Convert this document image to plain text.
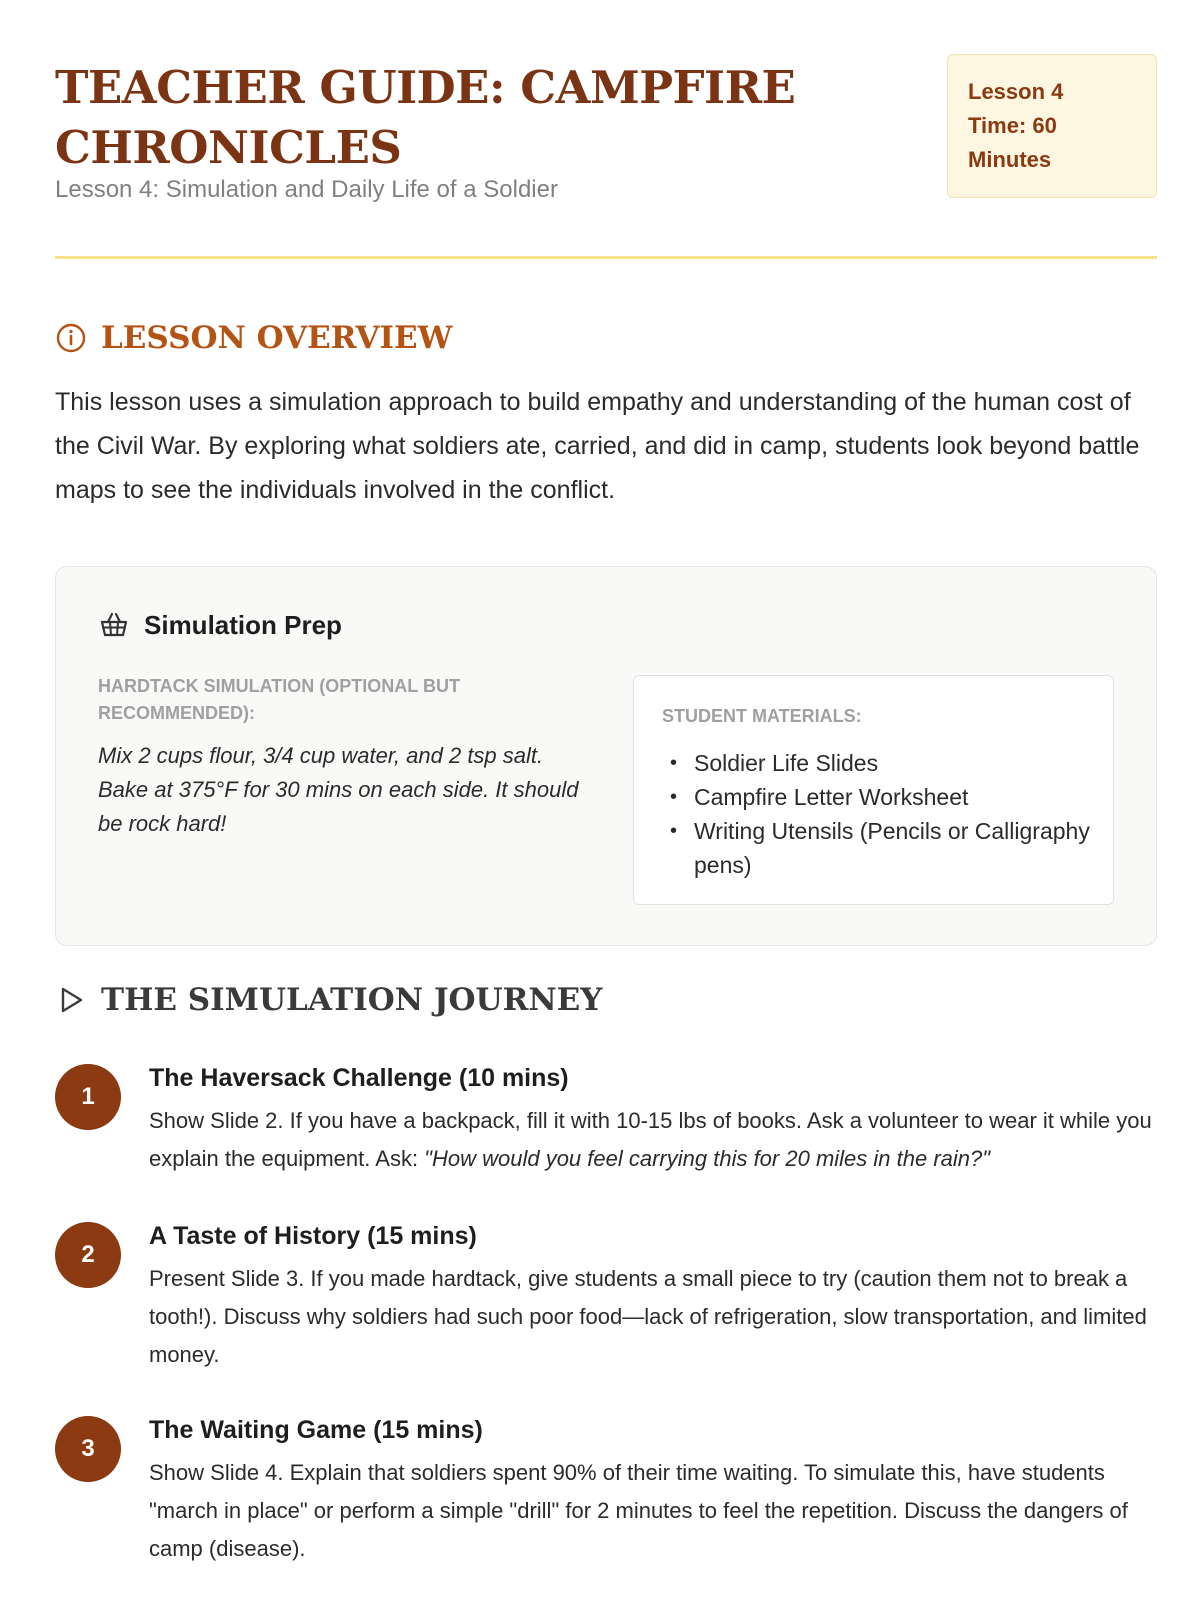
TEACHER GUIDE: CAMPFIRE CHRONICLES
Lesson 4: Simulation and Daily Life of a Soldier
Lesson 4
Time: 60
Minutes
LESSON OVERVIEW

This lesson uses a simulation approach to build empathy and understanding of the human cost of the Civil War. By exploring what soldiers ate, carried, and did in camp, students look beyond battle maps to see the individuals involved in the conflict.

Simulation Prep
HARDTACK SIMULATION (OPTIONAL BUT RECOMMENDED):

Mix 2 cups flour, 3/4 cup water, and 2 tsp salt. Bake at 375°F for 30 mins on each side. It should be rock hard!

STUDENT MATERIALS:
• Soldier Life Slides
• Campfire Letter Worksheet
• Writing Utensils (Pencils or Calligraphy pens)
THE SIMULATION JOURNEY
1
The Haversack Challenge (10 mins)

Show Slide 2. If you have a backpack, fill it with 10-15 lbs of books. Ask a volunteer to wear it while you explain the equipment. Ask: "How would you feel carrying this for 20 miles in the rain?"

2
A Taste of History (15 mins)

Present Slide 3. If you made hardtack, give students a small piece to try (caution them not to break a tooth!). Discuss why soldiers had such poor food—lack of refrigeration, slow transportation, and limited money.

3
The Waiting Game (15 mins)

Show Slide 4. Explain that soldiers spent 90% of their time waiting. To simulate this, have students "march in place" or perform a simple "drill" for 2 minutes to feel the repetition. Discuss the dangers of camp (disease).
